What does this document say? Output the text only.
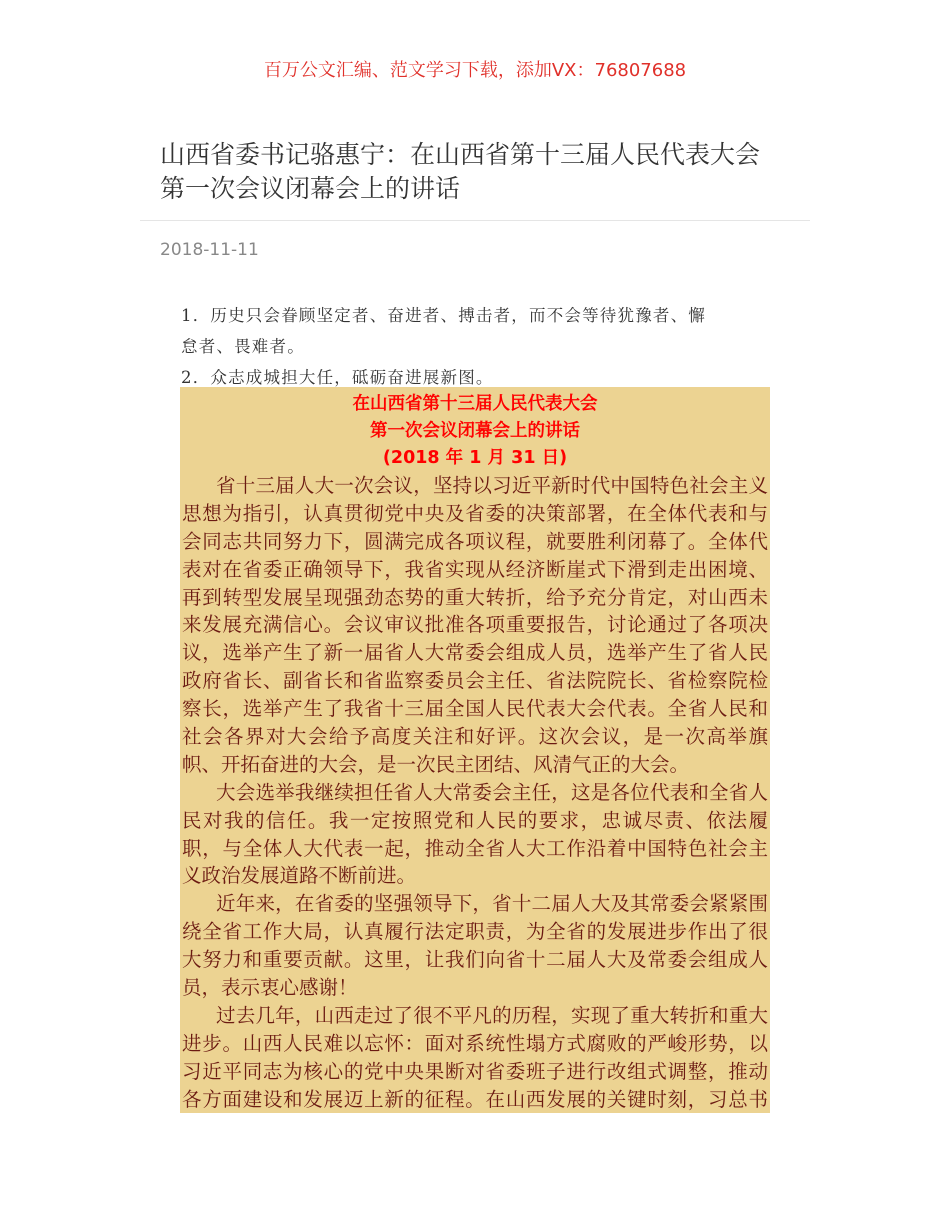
百万公文汇编、范文学习下载，添加VX：76807688
山西省委书记骆惠宁：在山西省第十三届人民代表大会
第一次会议闭幕会上的讲话
2018-11-11
1．历史只会眷顾坚定者、奋进者、搏击者，而不会等待犹豫者、懈
怠者、畏难者。
2．众志成城担大任，砥砺奋进展新图。
在山西省第十三届人民代表大会
第一次会议闭幕会上的讲话
(2018 年 1 月 31 日)
省十三届人大一次会议，坚持以习近平新时代中国特色社会主义
思想为指引，认真贯彻党中央及省委的决策部署，在全体代表和与
会同志共同努力下，圆满完成各项议程，就要胜利闭幕了。全体代
表对在省委正确领导下，我省实现从经济断崖式下滑到走出困境、
再到转型发展呈现强劲态势的重大转折，给予充分肯定，对山西未
来发展充满信心。会议审议批准各项重要报告，讨论通过了各项决
议，选举产生了新一届省人大常委会组成人员，选举产生了省人民
政府省长、副省长和省监察委员会主任、省法院院长、省检察院检
察长，选举产生了我省十三届全国人民代表大会代表。全省人民和
社会各界对大会给予高度关注和好评。这次会议，是一次高举旗
帜、开拓奋进的大会，是一次民主团结、风清气正的大会。
大会选举我继续担任省人大常委会主任，这是各位代表和全省人
民对我的信任。我一定按照党和人民的要求，忠诚尽责、依法履
职，与全体人大代表一起，推动全省人大工作沿着中国特色社会主
义政治发展道路不断前进。
近年来，在省委的坚强领导下，省十二届人大及其常委会紧紧围
绕全省工作大局，认真履行法定职责，为全省的发展进步作出了很
大努力和重要贡献。这里，让我们向省十二届人大及常委会组成人
员，表示衷心感谢！
过去几年，山西走过了很不平凡的历程，实现了重大转折和重大
进步。山西人民难以忘怀：面对系统性塌方式腐败的严峻形势，以
习近平同志为核心的党中央果断对省委班子进行改组式调整，推动
各方面建设和发展迈上新的征程。在山西发展的关键时刻，习总书
